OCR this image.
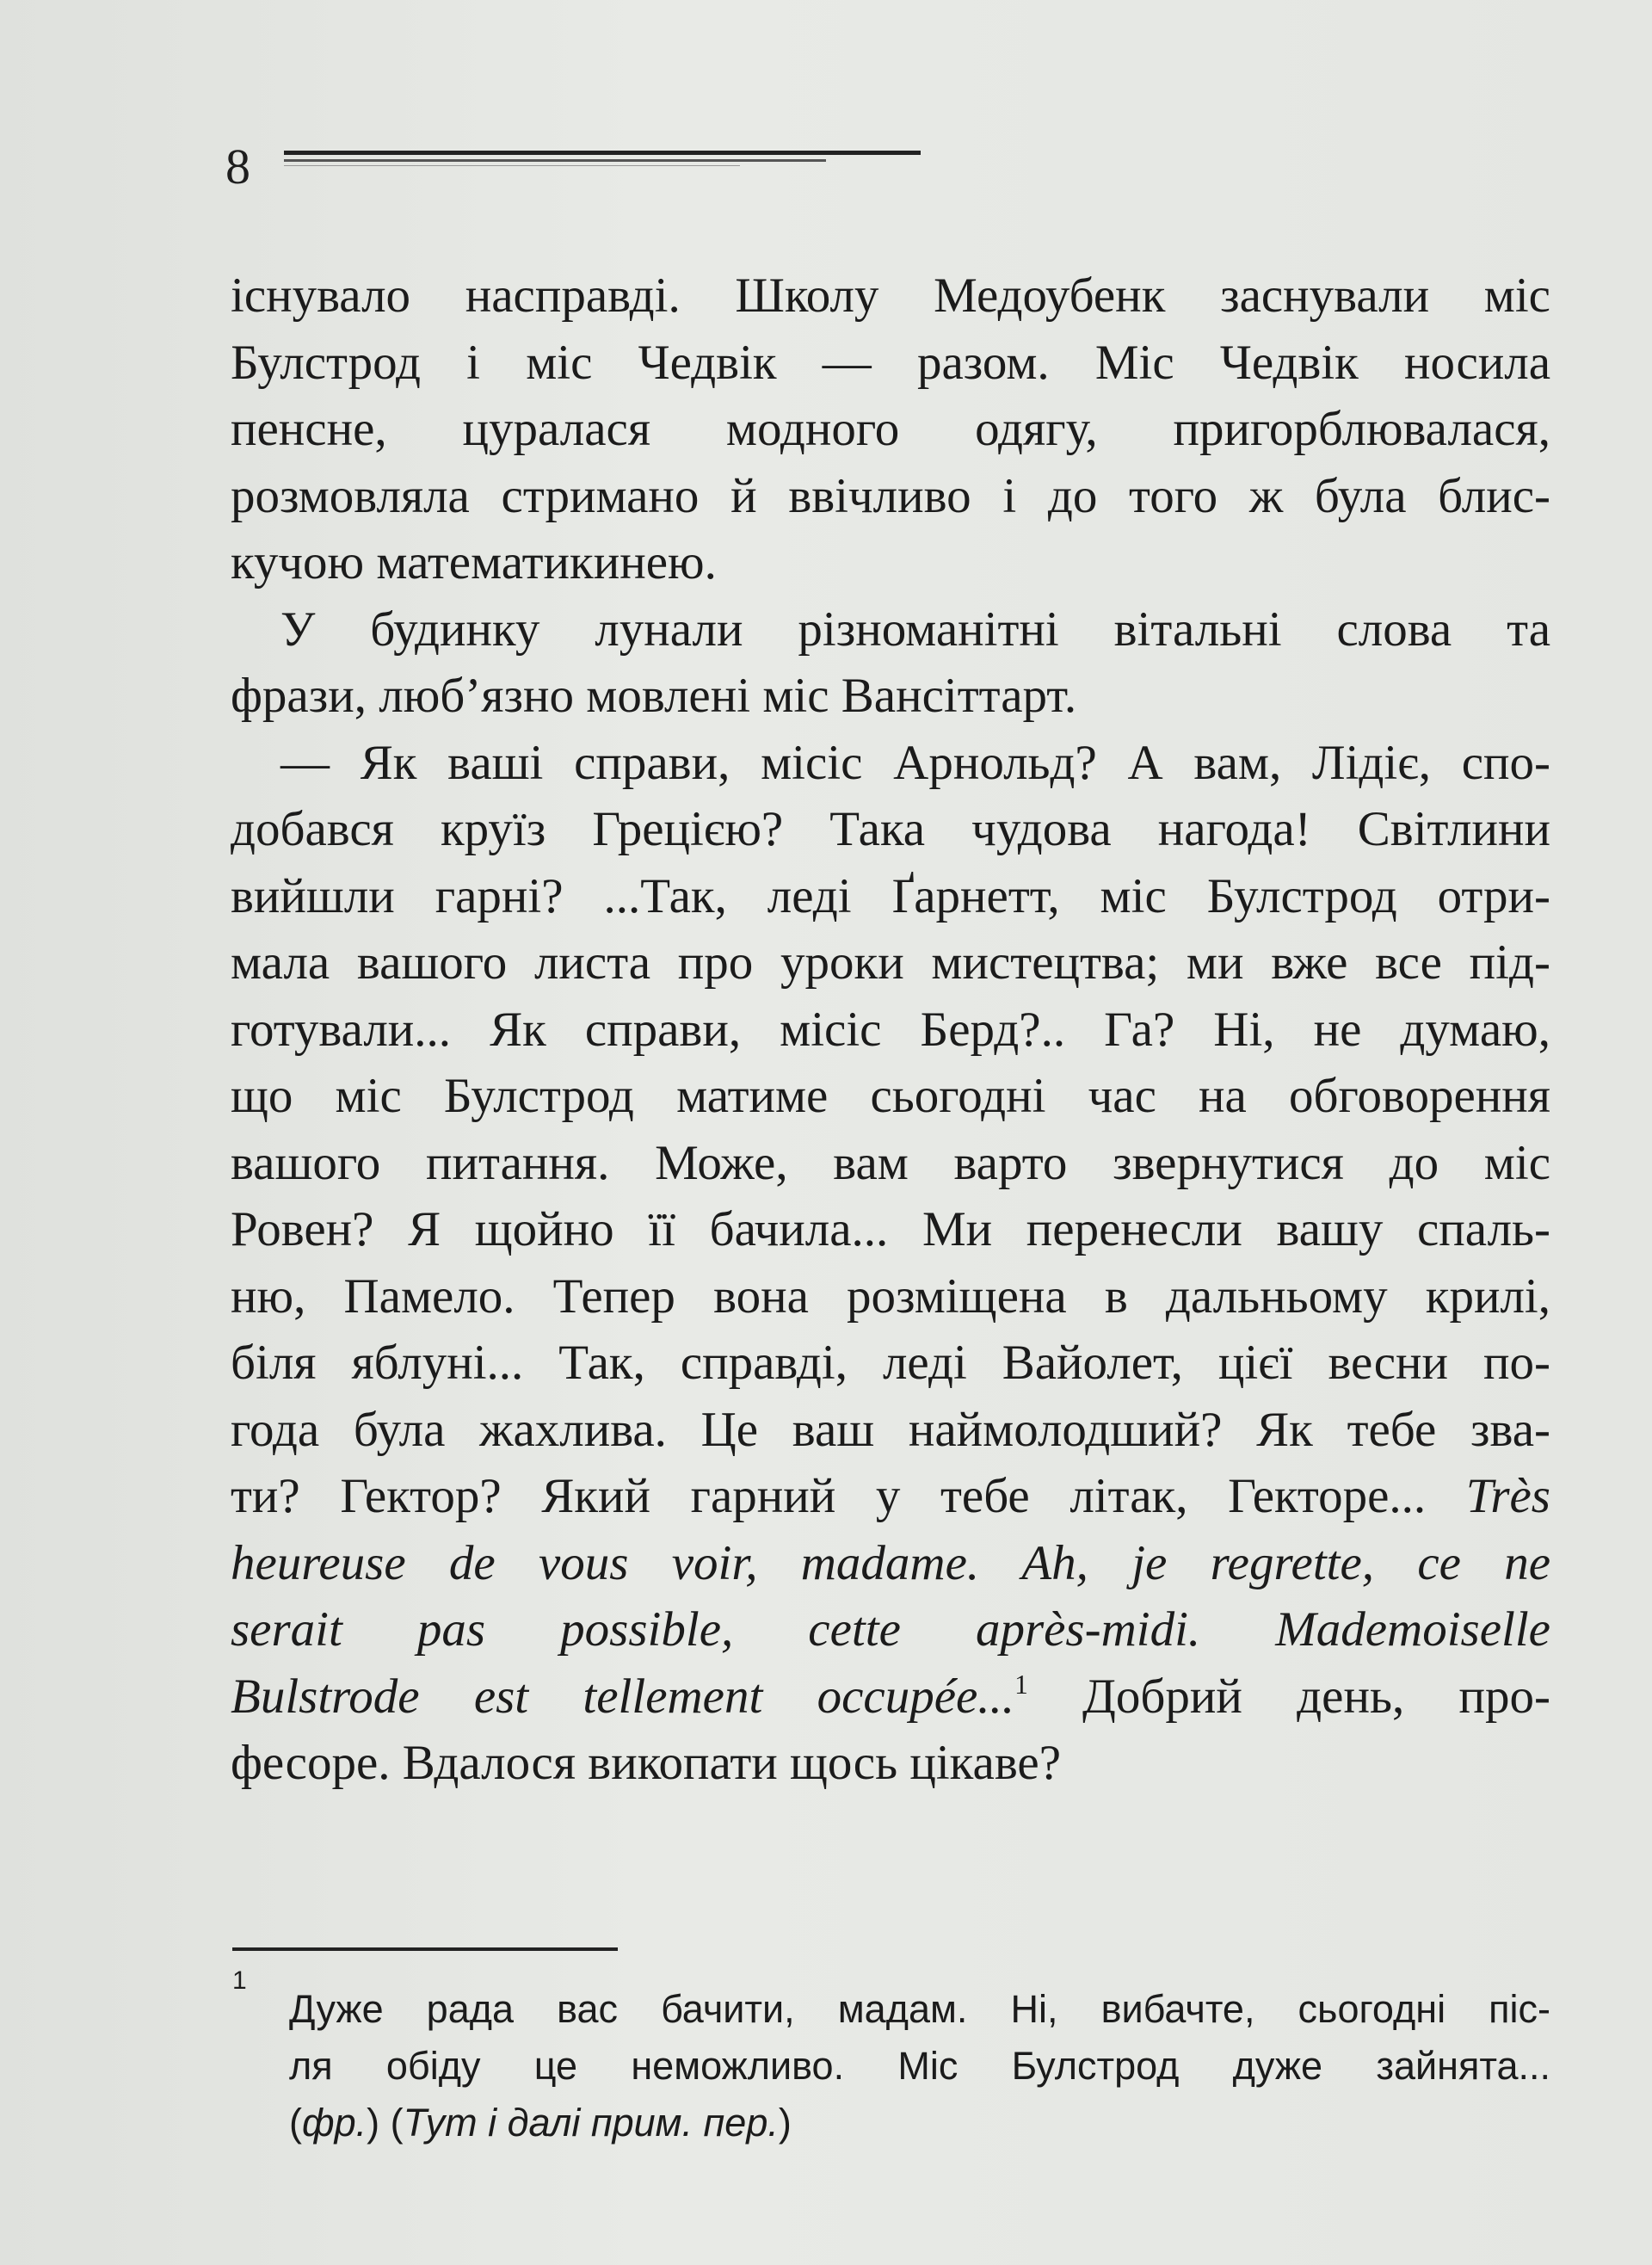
8
існувало насправді. Школу Медоубенк заснували міс
Булстрод і міс Чедвік — разом. Міс Чедвік носила
пенсне, цуралася модного одягу, пригорблювалася,
розмовляла стримано й ввічливо і до того ж була блис-
кучою математикинею.
У будинку лунали різноманітні вітальні слова та
фрази, люб’язно мовлені міс Вансіттарт.
— Як ваші справи, місіс Арнольд? А вам, Лідіє, спо-
добався круїз Грецією? Така чудова нагода! Світлини
вийшли гарні? ...Так, леді Ґарнетт, міс Булстрод отри-
мала вашого листа про уроки мистецтва; ми вже все під-
готували... Як справи, місіс Берд?.. Га? Ні, не думаю,
що міс Булстрод матиме сьогодні час на обговорення
вашого питання. Може, вам варто звернутися до міс
Ровен? Я щойно її бачила... Ми перенесли вашу спаль-
ню, Памело. Тепер вона розміщена в дальньому крилі,
біля яблуні... Так, справді, леді Вайолет, цієї весни по-
года була жахлива. Це ваш наймолодший? Як тебе зва-
ти? Гектор? Який гарний у тебе літак, Гекторе... Très
heureuse de vous voir, madame. Ah, je regrette, ce ne
serait pas possible, cette après-midi. Mademoiselle
Bulstrode est tellement occupée...$^1$ Добрий день, про-
фесоре. Вдалося викопати щось цікаве?
1
Дуже рада вас бачити, мадам. Ні, вибачте, сьогодні піс-
ля обіду це неможливо. Міс Булстрод дуже зайнята...
(фр.) (Тут і далі прим. пер.)
